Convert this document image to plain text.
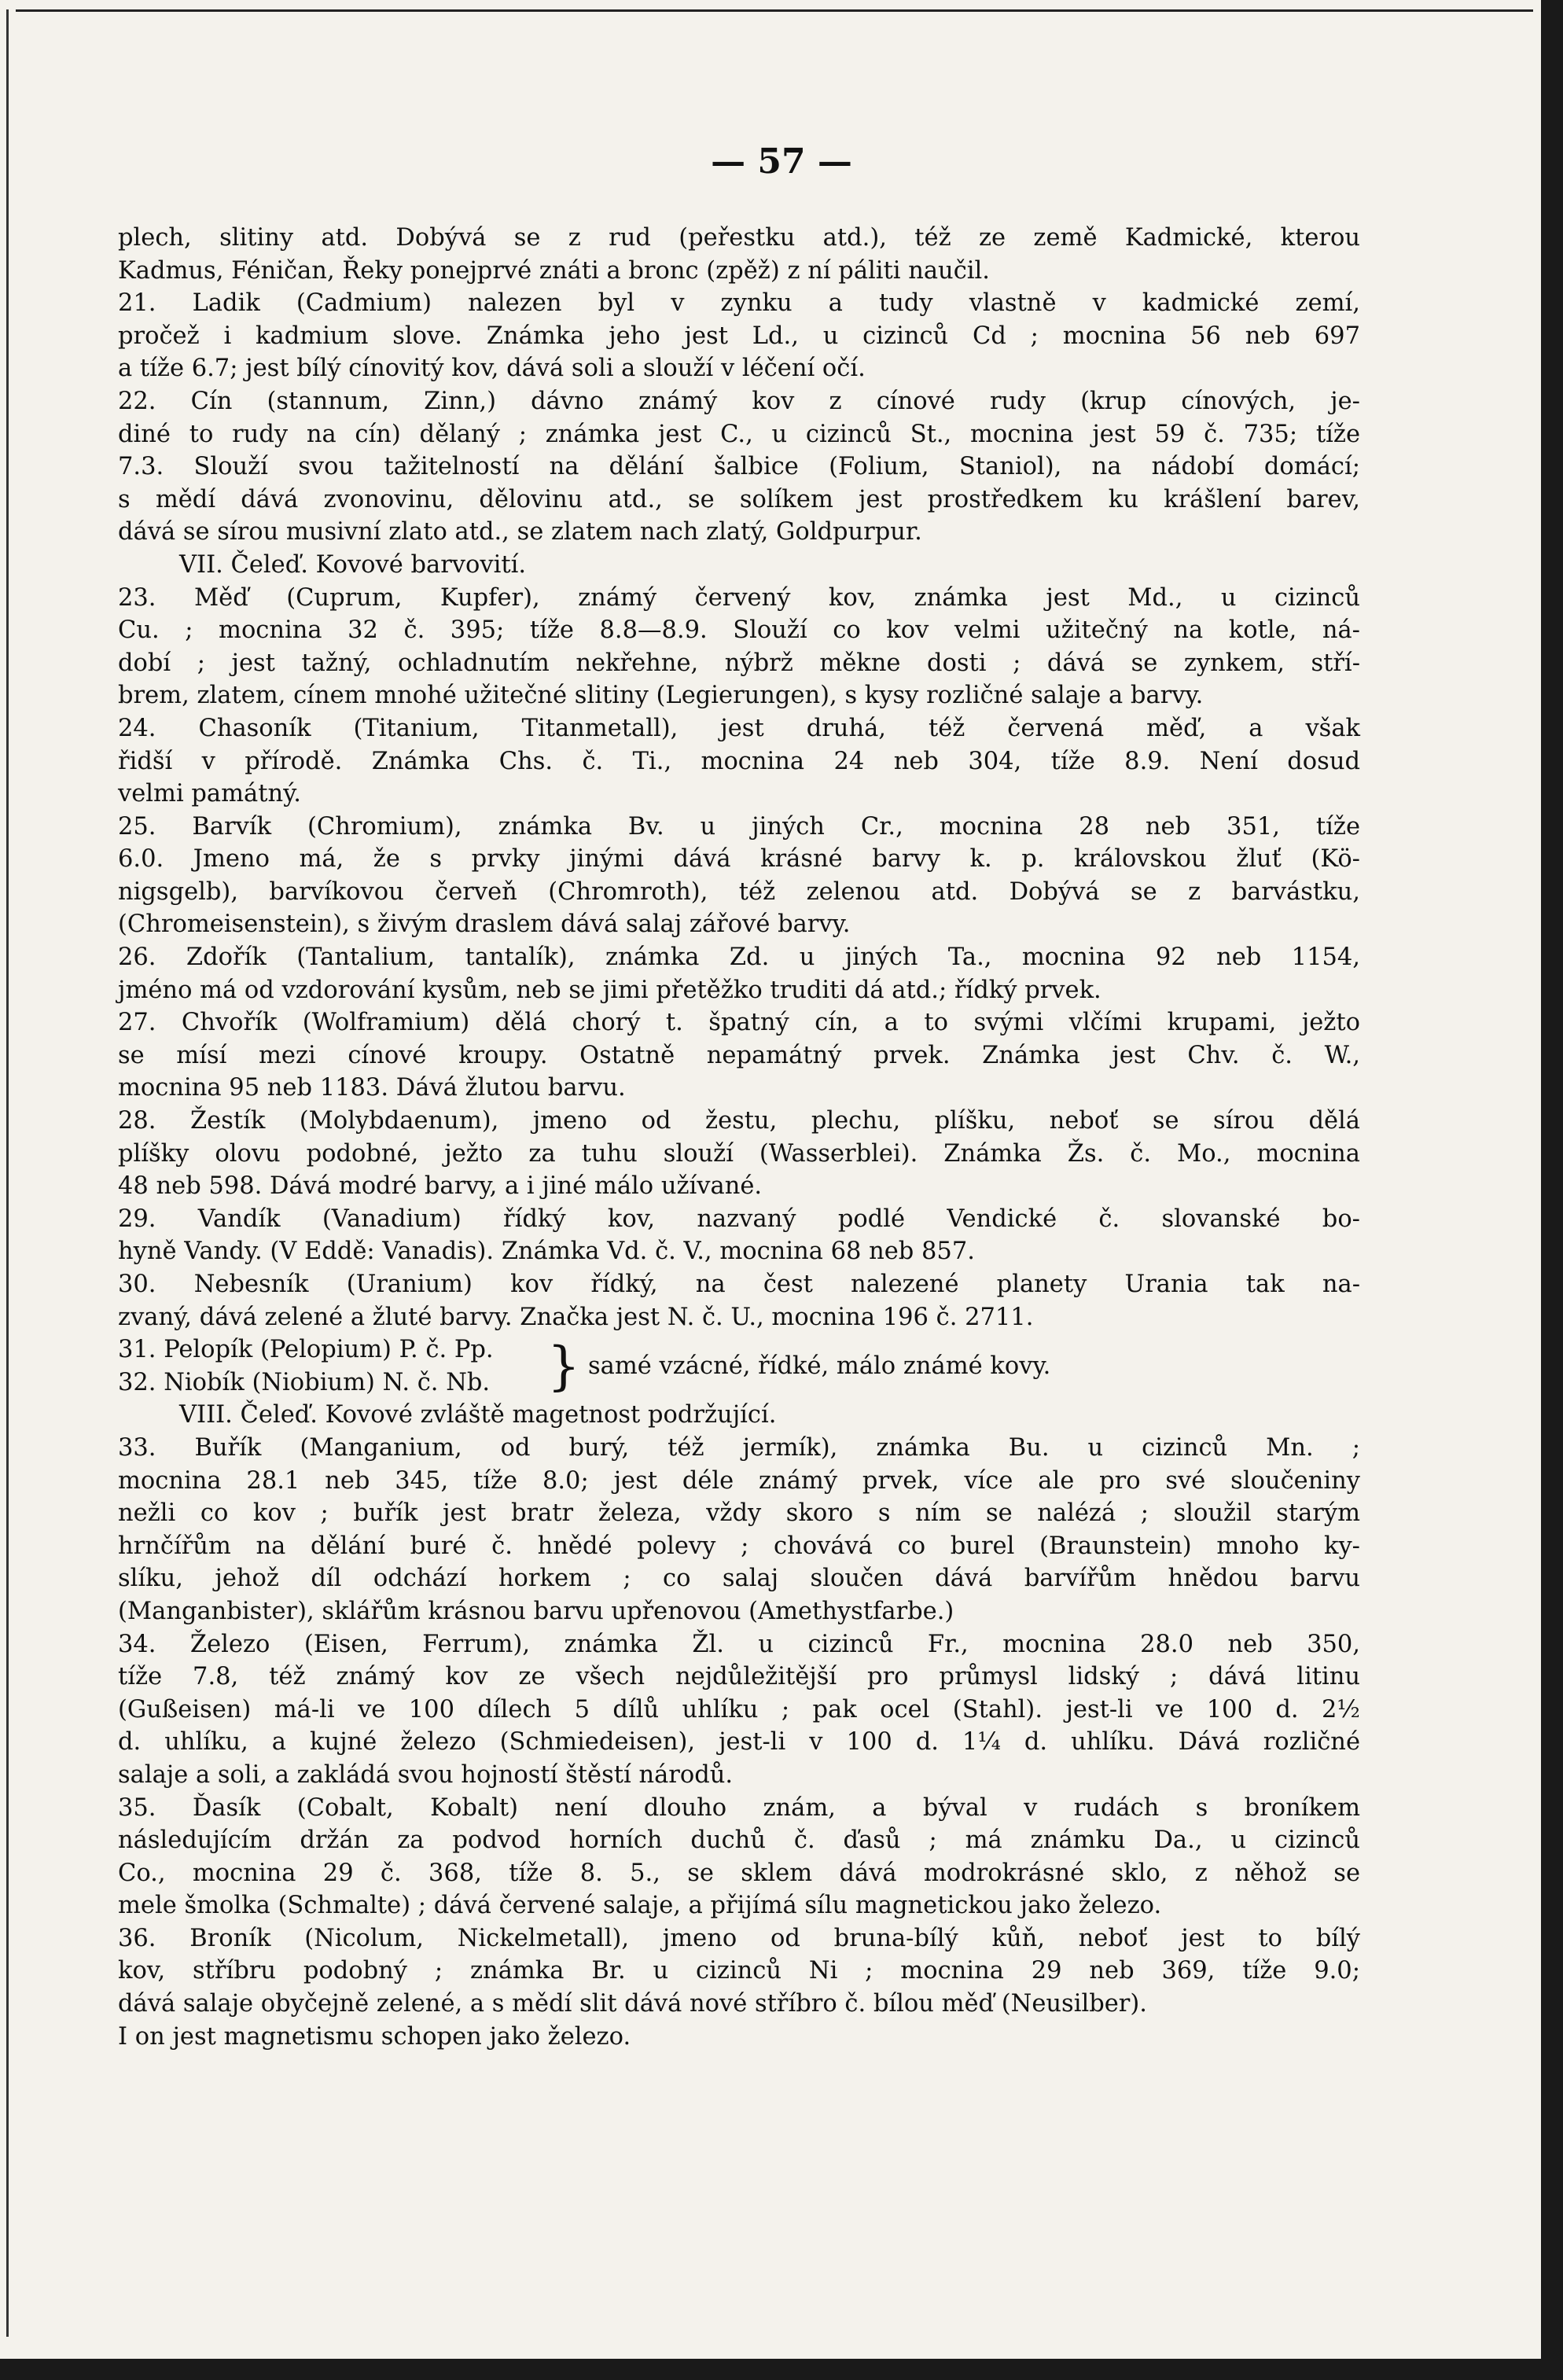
— 57 —
plech, slitiny atd. Dobývá se z rud (peřestku atd.), též ze země Kadmické, kterou
Kadmus, Féničan, Řeky ponejprvé znáti a bronc (zpěž) z ní páliti naučil.
21. Ladik (Cadmium) nalezen byl v zynku a tudy vlastně v kadmické zemí,
pročež i kadmium slove. Známka jeho jest Ld., u cizinců Cd ; mocnina 56 neb 697
a tíže 6.7; jest bílý cínovitý kov, dává soli a slouží v léčení očí.
22. Cín (stannum, Zinn,) dávno známý kov z cínové rudy (krup cínových, je-
diné to rudy na cín) dělaný ; známka jest C., u cizinců St., mocnina jest 59 č. 735; tíže
7.3. Slouží svou tažitelností na dělání šalbice (Folium, Staniol), na nádobí domácí;
s mědí dává zvonovinu, dělovinu atd., se solíkem jest prostředkem ku krášlení barev,
dává se sírou musivní zlato atd., se zlatem nach zlatý, Goldpurpur.
VII. Čeleď. Kovové barvovití.
23. Měď (Cuprum, Kupfer), známý červený kov, známka jest Md., u cizinců
Cu. ; mocnina 32 č. 395; tíže 8.8—8.9. Slouží co kov velmi užitečný na kotle, ná-
dobí ; jest tažný, ochladnutím nekřehne, nýbrž měkne dosti ; dává se zynkem, stří-
brem, zlatem, cínem mnohé užitečné slitiny (Legierungen), s kysy rozličné salaje a barvy.
24. Chasoník (Titanium, Titanmetall), jest druhá, též červená měď, a však
řidší v přírodě. Známka Chs. č. Ti., mocnina 24 neb 304, tíže 8.9. Není dosud
velmi památný.
25. Barvík (Chromium), známka Bv. u jiných Cr., mocnina 28 neb 351, tíže
6.0. Jmeno má, že s prvky jinými dává krásné barvy k. p. královskou žluť (Kö-
nigsgelb), barvíkovou červeň (Chromroth), též zelenou atd. Dobývá se z barvástku,
(Chromeisenstein), s živým draslem dává salaj zářové barvy.
26. Zdořík (Tantalium, tantalík), známka Zd. u jiných Ta., mocnina 92 neb 1154,
jméno má od vzdorování kysům, neb se jimi přetěžko truditi dá atd.; řídký prvek.
27. Chvořík (Wolframium) dělá chorý t. špatný cín, a to svými vlčími krupami, ježto
se mísí mezi cínové kroupy. Ostatně nepamátný prvek. Známka jest Chv. č. W.,
mocnina 95 neb 1183. Dává žlutou barvu.
28. Žestík (Molybdaenum), jmeno od žestu, plechu, plíšku, neboť se sírou dělá
plíšky olovu podobné, ježto za tuhu slouží (Wasserblei). Známka Žs. č. Mo., mocnina
48 neb 598. Dává modré barvy, a i jiné málo užívané.
29. Vandík (Vanadium) řídký kov, nazvaný podlé Vendické č. slovanské bo-
hyně Vandy. (V Eddě: Vanadis). Známka Vd. č. V., mocnina 68 neb 857.
30. Nebesník (Uranium) kov řídký, na čest nalezené planety Urania tak na-
zvaný, dává zelené a žluté barvy. Značka jest N. č. U., mocnina 196 č. 2711.
31. Pelopík (Pelopium) P. č. Pp.
32. Niobík (Niobium) N. č. Nb.	} samé vzácné, řídké, málo známé kovy.
VIII. Čeleď. Kovové zvláště magetnost podržující.
33. Buřík (Manganium, od burý, též jermík), známka Bu. u cizinců Mn. ;
mocnina 28.1 neb 345, tíže 8.0; jest déle známý prvek, více ale pro své sloučeniny
nežli co kov ; buřík jest bratr železa, vždy skoro s ním se nalézá ; sloužil starým
hrnčířům na dělání buré č. hnědé polevy ; chovává co burel (Braunstein) mnoho ky-
slíku, jehož díl odchází horkem ; co salaj sloučen dává barvířům hnědou barvu
(Manganbister), sklářům krásnou barvu upřenovou (Amethystfarbe.)
34. Železo (Eisen, Ferrum), známka Žl. u cizinců Fr., mocnina 28.0 neb 350,
tíže 7.8, též známý kov ze všech nejdůležitější pro průmysl lidský ; dává litinu
(Gußeisen) má-li ve 100 dílech 5 dílů uhlíku ; pak ocel (Stahl). jest-li ve 100 d. 2½
d. uhlíku, a kujné železo (Schmiedeisen), jest-li v 100 d. 1¼ d. uhlíku. Dává rozličné
salaje a soli, a zakládá svou hojností štěstí národů.
35. Ďasík (Cobalt, Kobalt) není dlouho znám, a býval v rudách s broníkem
následujícím držán za podvod horních duchů č. ďasů ; má známku Da., u cizinců
Co., mocnina 29 č. 368, tíže 8. 5., se sklem dává modrokrásné sklo, z něhož se
mele šmolka (Schmalte) ; dává červené salaje, a přijímá sílu magnetickou jako železo.
36. Broník (Nicolum, Nickelmetall), jmeno od bruna-bílý kůň, neboť jest to bílý
kov, stříbru podobný ; známka Br. u cizinců Ni ; mocnina 29 neb 369, tíže 9.0;
dává salaje obyčejně zelené, a s mědí slit dává nové stříbro č. bílou měď (Neusilber).
I on jest magnetismu schopen jako železo.
